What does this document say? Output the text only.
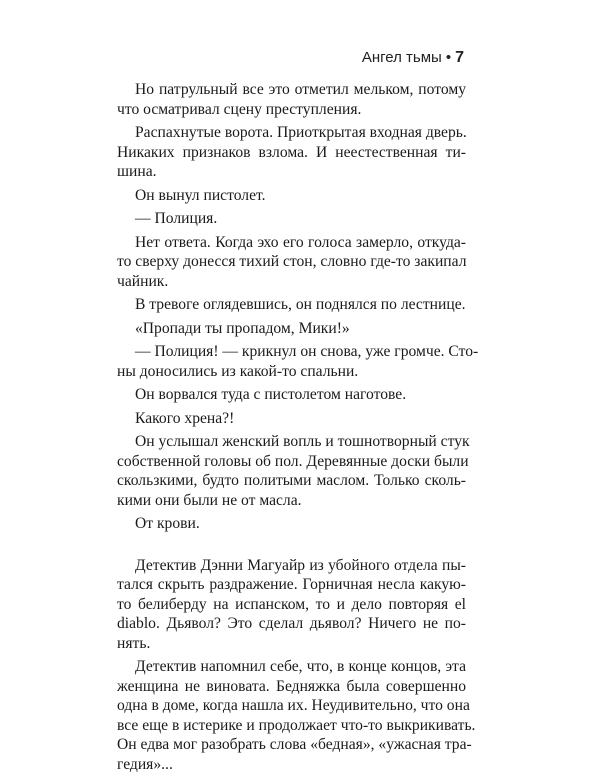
Ангел тьмы • 7
Но патрульный все это отметил мельком, потому
что осматривал сцену преступления.
Распахнутые ворота. Приоткрытая входная дверь.
Никаких признаков взлома. И неестественная ти-
шина.
Он вынул пистолет.
— Полиция.
Нет ответа. Когда эхо его голоса замерло, откуда-
то сверху донесся тихий стон, словно где-то закипал
чайник.
В тревоге оглядевшись, он поднялся по лестнице.
«Пропади ты пропадом, Мики!»
— Полиция! — крикнул он снова, уже громче. Сто-
ны доносились из какой-то спальни.
Он ворвался туда с пистолетом наготове.
Какого хрена?!
Он услышал женский вопль и тошнотворный стук
собственной головы об пол. Деревянные доски были
скользкими, будто политыми маслом. Только сколь-
кими они были не от масла.
От крови.
Детектив Дэнни Магуайр из убойного отдела пы-
тался скрыть раздражение. Горничная несла какую-
то белиберду на испанском, то и дело повторяя el
diablo. Дьявол? Это сделал дьявол? Ничего не по-
нять.
Детектив напомнил себе, что, в конце концов, эта
женщина не виновата. Бедняжка была совершенно
одна в доме, когда нашла их. Неудивительно, что она
все еще в истерике и продолжает что-то выкрикивать.
Он едва мог разобрать слова «бедная», «ужасная тра-
гедия»...
